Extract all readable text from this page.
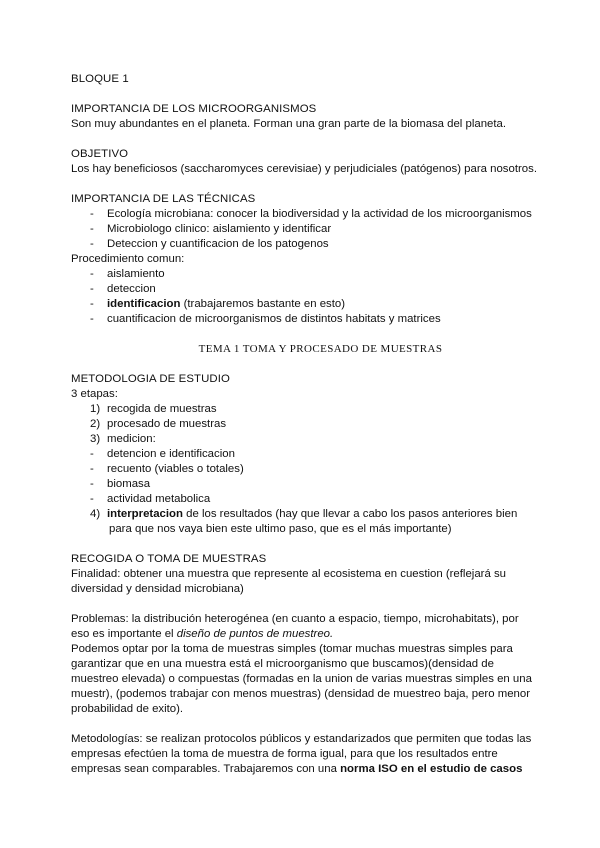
BLOQUE 1
IMPORTANCIA DE LOS MICROORGANISMOS
Son muy abundantes en el planeta. Forman una gran parte de la biomasa del planeta.
OBJETIVO
Los hay beneficiosos (saccharomyces cerevisiae) y perjudiciales (patógenos) para nosotros.
IMPORTANCIA DE LAS TÉCNICAS
-	Ecología microbiana: conocer la biodiversidad y la actividad de los microorganismos
-	Microbiologo clinico: aislamiento y identificar
-	Deteccion y cuantificacion de los patogenos
Procedimiento comun:
-	aislamiento
-	deteccion
-	identificacion (trabajaremos bastante en esto)
-	cuantificacion de microorganismos de distintos habitats y matrices
TEMA 1 TOMA Y PROCESADO DE MUESTRAS
METODOLOGIA DE ESTUDIO
3 etapas:
1) recogida de muestras
2) procesado de muestras
3) medicion:
-	detencion e identificacion
-	recuento (viables o totales)
-	biomasa
-	actividad metabolica
4) interpretacion de los resultados (hay que llevar a cabo los pasos anteriores bien
para que nos vaya bien este ultimo paso, que es el más importante)
RECOGIDA O TOMA DE MUESTRAS
Finalidad: obtener una muestra que represente al ecosistema en cuestion (reflejará su
diversidad y densidad microbiana)
Problemas: la distribución heterogénea (en cuanto a espacio, tiempo, microhabitats), por
eso es importante el diseño de puntos de muestreo.
Podemos optar por la toma de muestras simples (tomar muchas muestras simples para
garantizar que en una muestra está el microorganismo que buscamos)(densidad de
muestreo elevada) o compuestas (formadas en la union de varias muestras simples en una
muestr), (podemos trabajar con menos muestras) (densidad de muestreo baja, pero menor
probabilidad de exito).
Metodologías: se realizan protocolos públicos y estandarizados que permiten que todas las
empresas efectúen la toma de muestra de forma igual, para que los resultados entre
empresas sean comparables. Trabajaremos con una norma ISO en el estudio de casos
